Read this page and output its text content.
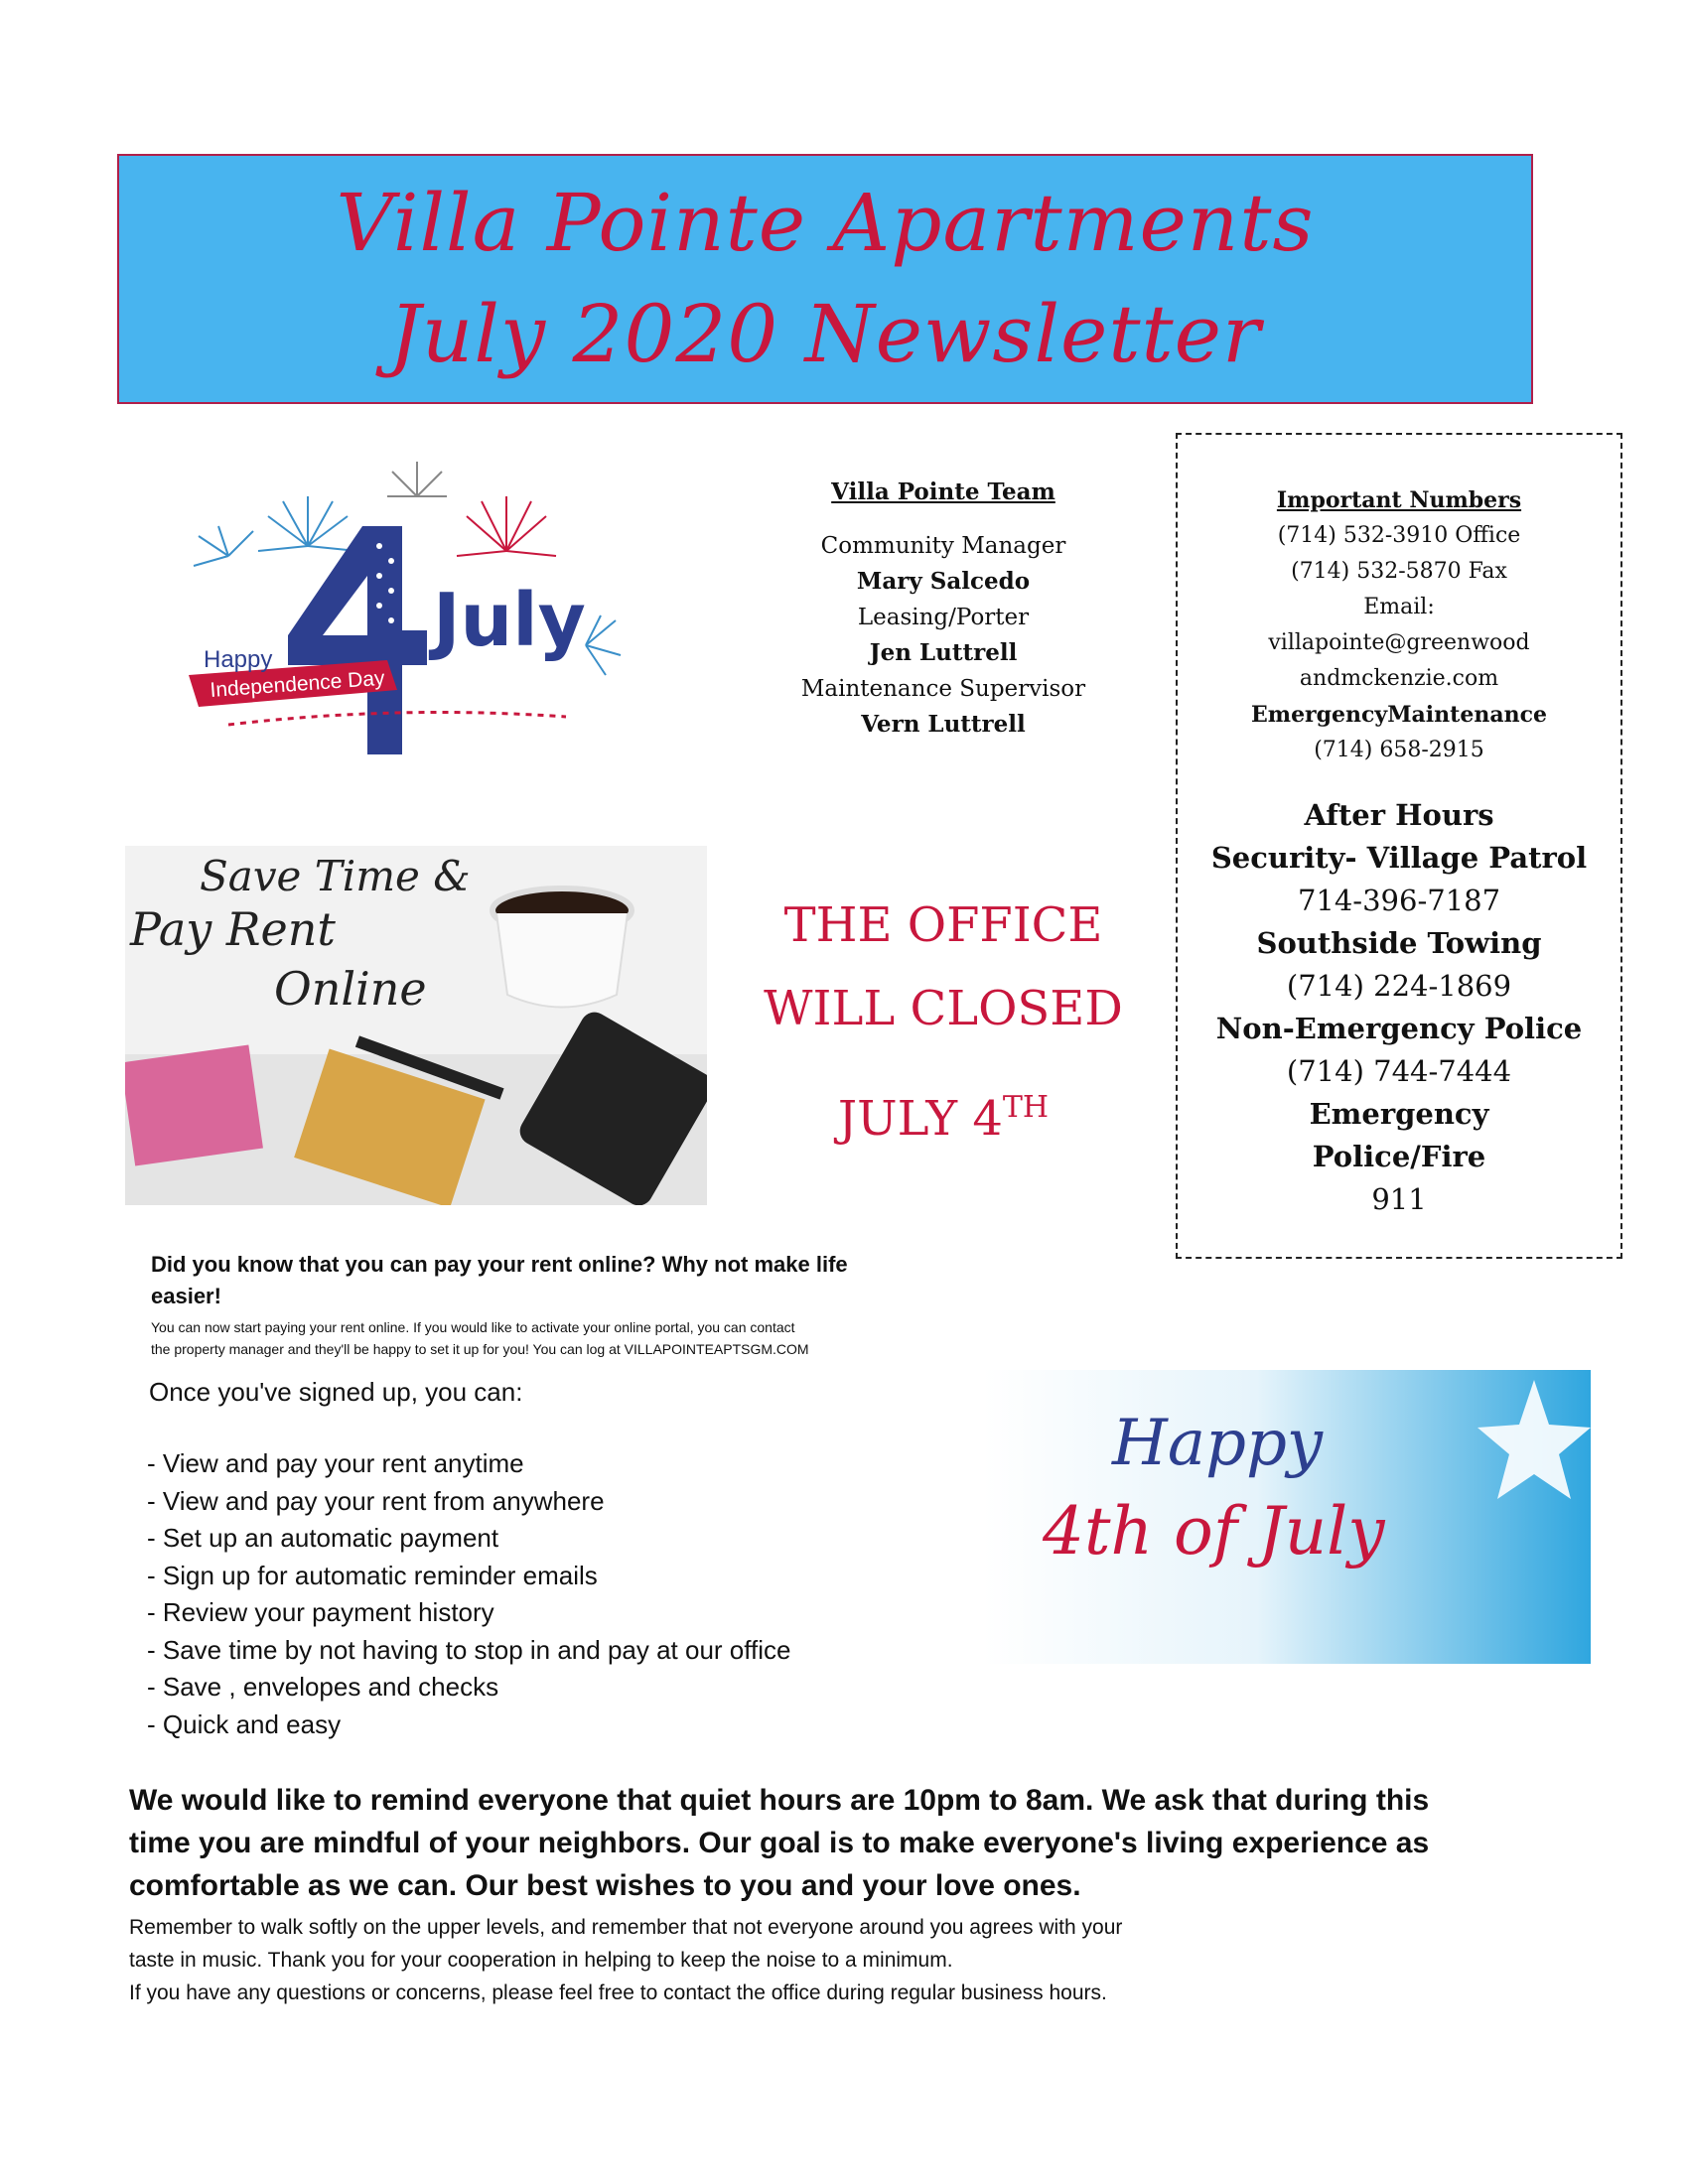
Villa Pointe Apartments
July 2020 Newsletter
July
Happy
Independence Day
Save Time &
Pay Rent
Online
Villa Pointe Team
Community Manager
Mary Salcedo
Leasing/Porter
Jen Luttrell
Maintenance Supervisor
Vern Luttrell
THE OFFICE
WILL CLOSED
JULY 4TH
Important Numbers
(714) 532-3910 Office
(714) 532-5870 Fax
Email:
villapointe@greenwood
andmckenzie.com
EmergencyMaintenance
(714) 658-2915
After Hours
Security- Village Patrol
714-396-7187
Southside Towing
(714) 224-1869
Non-Emergency Police
(714) 744-7444
Emergency
Police/Fire
911
Did you know that you can pay your rent online? Why not make life
easier!
You can now start paying your rent online. If you would like to activate your online portal, you can contact
the property manager and they'll be happy to set it up for you! You can log at VILLAPOINTEAPTSGM.COM
Once you've signed up, you can:
- View and pay your rent anytime
- View and pay your rent from anywhere
- Set up an automatic payment
- Sign up for automatic reminder emails
- Review your payment history
- Save time by not having to stop in and pay at our office
- Save , envelopes and checks
- Quick and easy
Happy
4th of July
We would like to remind everyone that quiet hours are 10pm to 8am. We ask that during this
time you are mindful of your neighbors. Our goal is to make everyone's living experience as
comfortable as we can. Our best wishes to you and your love ones.

Remember to walk softly on the upper levels, and remember that not everyone around you agrees with your

taste in music. Thank you for your cooperation in helping to keep the noise to a minimum.

If you have any questions or concerns, please feel free to contact the office during regular business hours.
